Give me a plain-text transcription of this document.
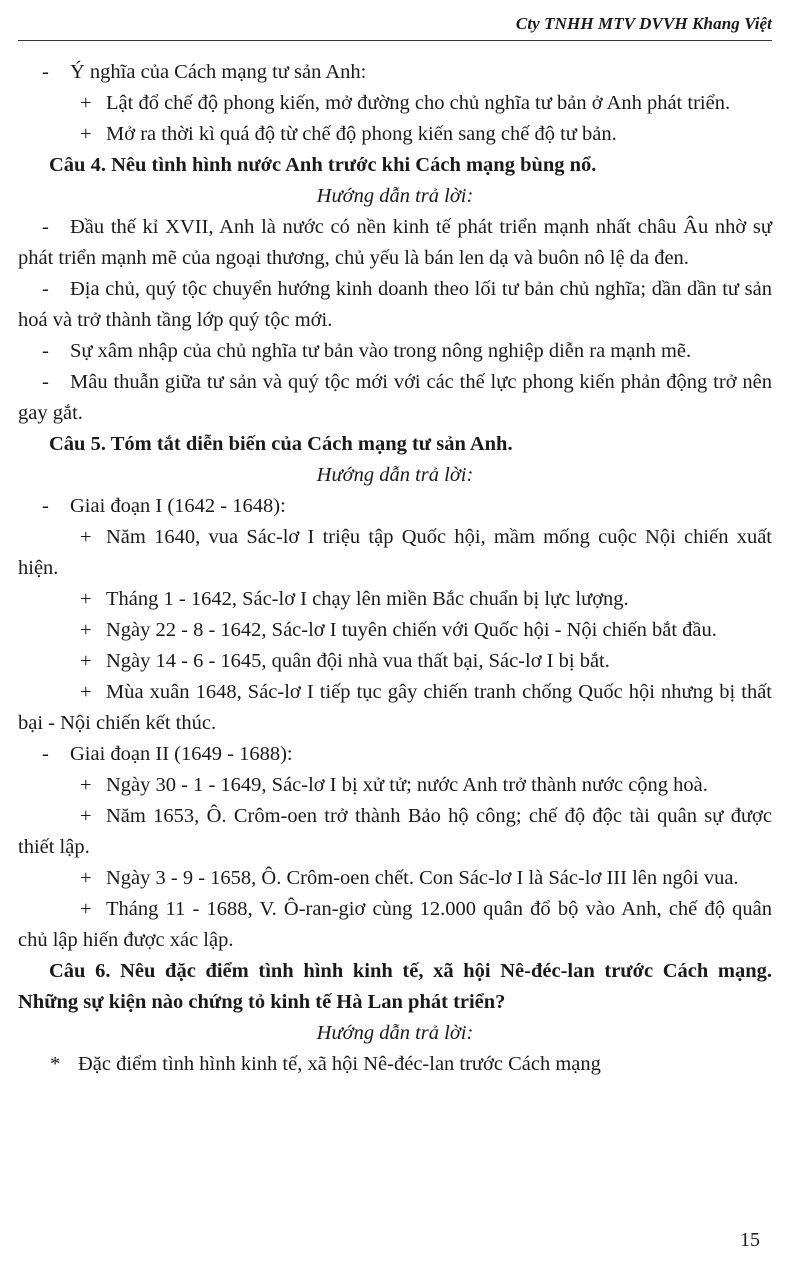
Cty TNHH MTV DVVH Khang Việt

- Ý nghĩa của Cách mạng tư sản Anh:

+ Lật đổ chế độ phong kiến, mở đường cho chủ nghĩa tư bản ở Anh phát triển.

+ Mở ra thời kì quá độ từ chế độ phong kiến sang chế độ tư bản.

Câu 4. Nêu tình hình nước Anh trước khi Cách mạng bùng nổ.

Hướng dẫn trả lời:

- Đầu thế kỉ XVII, Anh là nước có nền kinh tế phát triển mạnh nhất châu Âu nhờ sự phát triển mạnh mẽ của ngoại thương, chủ yếu là bán len dạ và buôn nô lệ da đen.

- Địa chủ, quý tộc chuyển hướng kinh doanh theo lối tư bản chủ nghĩa; dần dần tư sản hoá và trở thành tầng lớp quý tộc mới.

- Sự xâm nhập của chủ nghĩa tư bản vào trong nông nghiệp diễn ra mạnh mẽ.

- Mâu thuẫn giữa tư sản và quý tộc mới với các thế lực phong kiến phản động trở nên gay gắt.

Câu 5. Tóm tắt diễn biến của Cách mạng tư sản Anh.

Hướng dẫn trả lời:

- Giai đoạn I (1642 - 1648):

+ Năm 1640, vua Sác-lơ I triệu tập Quốc hội, mầm mống cuộc Nội chiến xuất hiện.

+ Tháng 1 - 1642, Sác-lơ I chạy lên miền Bắc chuẩn bị lực lượng.

+ Ngày 22 - 8 - 1642, Sác-lơ I tuyên chiến với Quốc hội - Nội chiến bắt đầu.

+ Ngày 14 - 6 - 1645, quân đội nhà vua thất bại, Sác-lơ I bị bắt.

+ Mùa xuân 1648, Sác-lơ I tiếp tục gây chiến tranh chống Quốc hội nhưng bị thất bại - Nội chiến kết thúc.

- Giai đoạn II (1649 - 1688):

+ Ngày 30 - 1 - 1649, Sác-lơ I bị xử tử; nước Anh trở thành nước cộng hoà.

+ Năm 1653, Ô. Crôm-oen trở thành Bảo hộ công; chế độ độc tài quân sự được thiết lập.

+ Ngày 3 - 9 - 1658, Ô. Crôm-oen chết. Con Sác-lơ I là Sác-lơ III lên ngôi vua.

+ Tháng 11 - 1688, V. Ô-ran-giơ cùng 12.000 quân đổ bộ vào Anh, chế độ quân chủ lập hiến được xác lập.

Câu 6. Nêu đặc điểm tình hình kinh tế, xã hội Nê-đéc-lan trước Cách mạng. Những sự kiện nào chứng tỏ kinh tế Hà Lan phát triển?

Hướng dẫn trả lời:

* Đặc điểm tình hình kinh tế, xã hội Nê-đéc-lan trước Cách mạng

15
